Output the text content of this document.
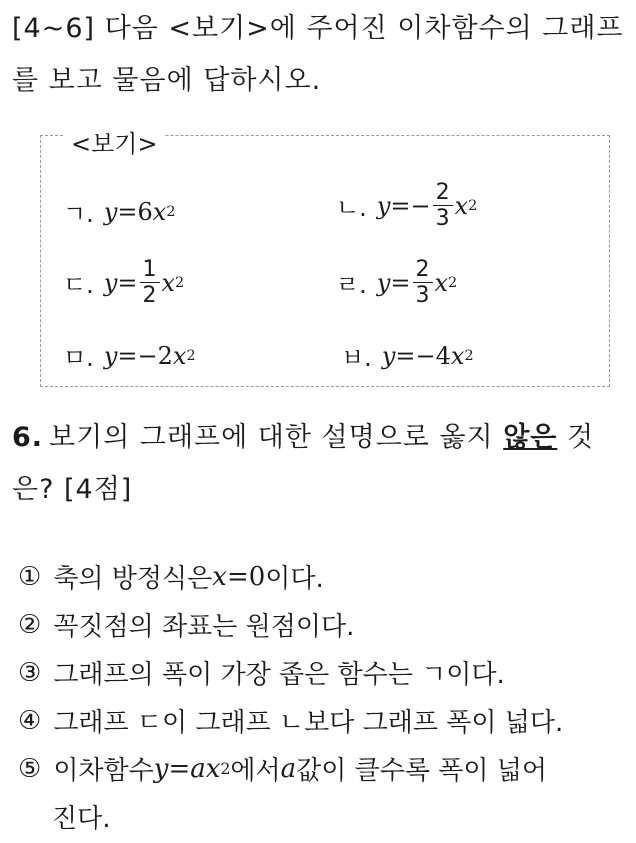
[4~6] 다음 <보기>에 주어진 이차함수의 그래프
를 보고 물음에 답하시오.
<보기>
ㄱ. y = 6 x 2	ㄴ. y = − $\frac{2}{3}$ x 2
ㄷ. $y = \frac{1}{2}$ x 2	ㄹ. $y = \frac{2}{3}$ x 2
ㅁ. y = − 2 x 2	ㅂ. y = − 4 x 2
6. 보기의 그래프에 대한 설명으로 옳지 않은 것
은? [4점]
① 축의 방정식은 x = 0 이다.
② 꼭짓점의 좌표는 원점이다.
③ 그래프의 폭이 가장 좁은 함수는 ㄱ이다.
④ 그래프 ㄷ이 그래프 ㄴ보다 그래프 폭이 넓다.
⑤ 이차함수 y = a x 2 에서 a 값이 클수록 폭이 넓어
진다.
